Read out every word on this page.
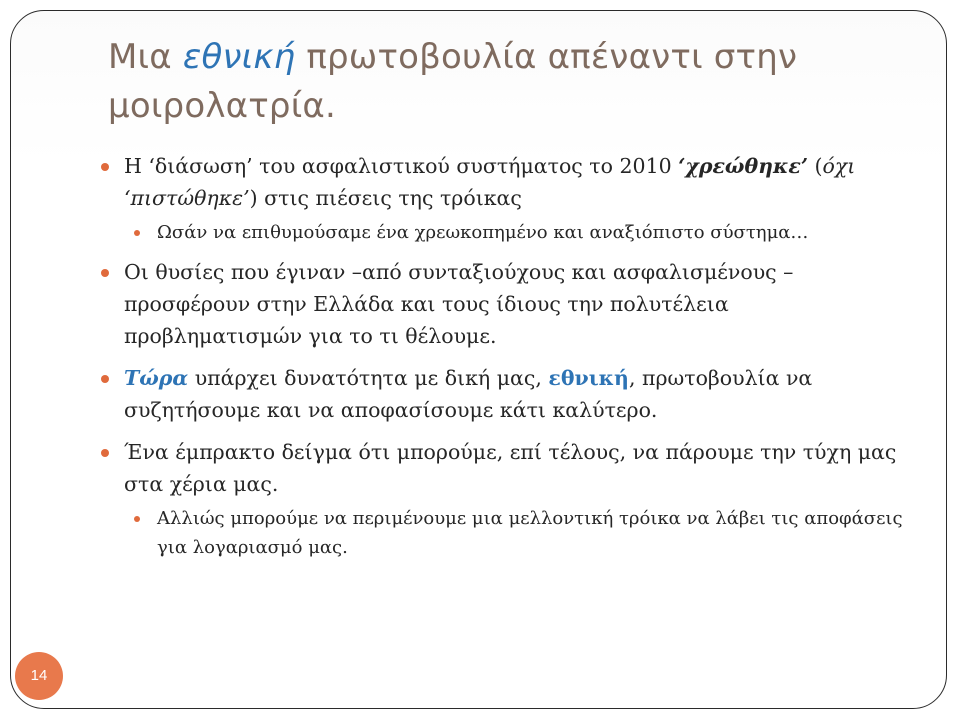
Μια εθνική πρωτοβουλία απέναντι στην μοιρολατρία.
Η ‘διάσωση’ του ασφαλιστικού συστήματος το 2010 ‘χρεώθηκε’ (όχι ‘πιστώθηκε’) στις πιέσεις της τρόικας
Ωσάν να επιθυμούσαμε ένα χρεωκοπημένο και αναξιόπιστο σύστημα…
Οι θυσίες που έγιναν –από συνταξιούχους και ασφαλισμένους – προσφέρουν στην Ελλάδα και τους ίδιους την πολυτέλεια προβληματισμών για το τι θέλουμε.
Τώρα υπάρχει δυνατότητα με δική μας, εθνική, πρωτοβουλία να συζητήσουμε και να αποφασίσουμε κάτι καλύτερο.
Ένα έμπρακτο δείγμα ότι μπορούμε, επί τέλους, να πάρουμε την τύχη μας στα χέρια μας.
Αλλιώς μπορούμε να περιμένουμε μια μελλοντική τρόικα να λάβει τις αποφάσεις για λογαριασμό μας.
14
